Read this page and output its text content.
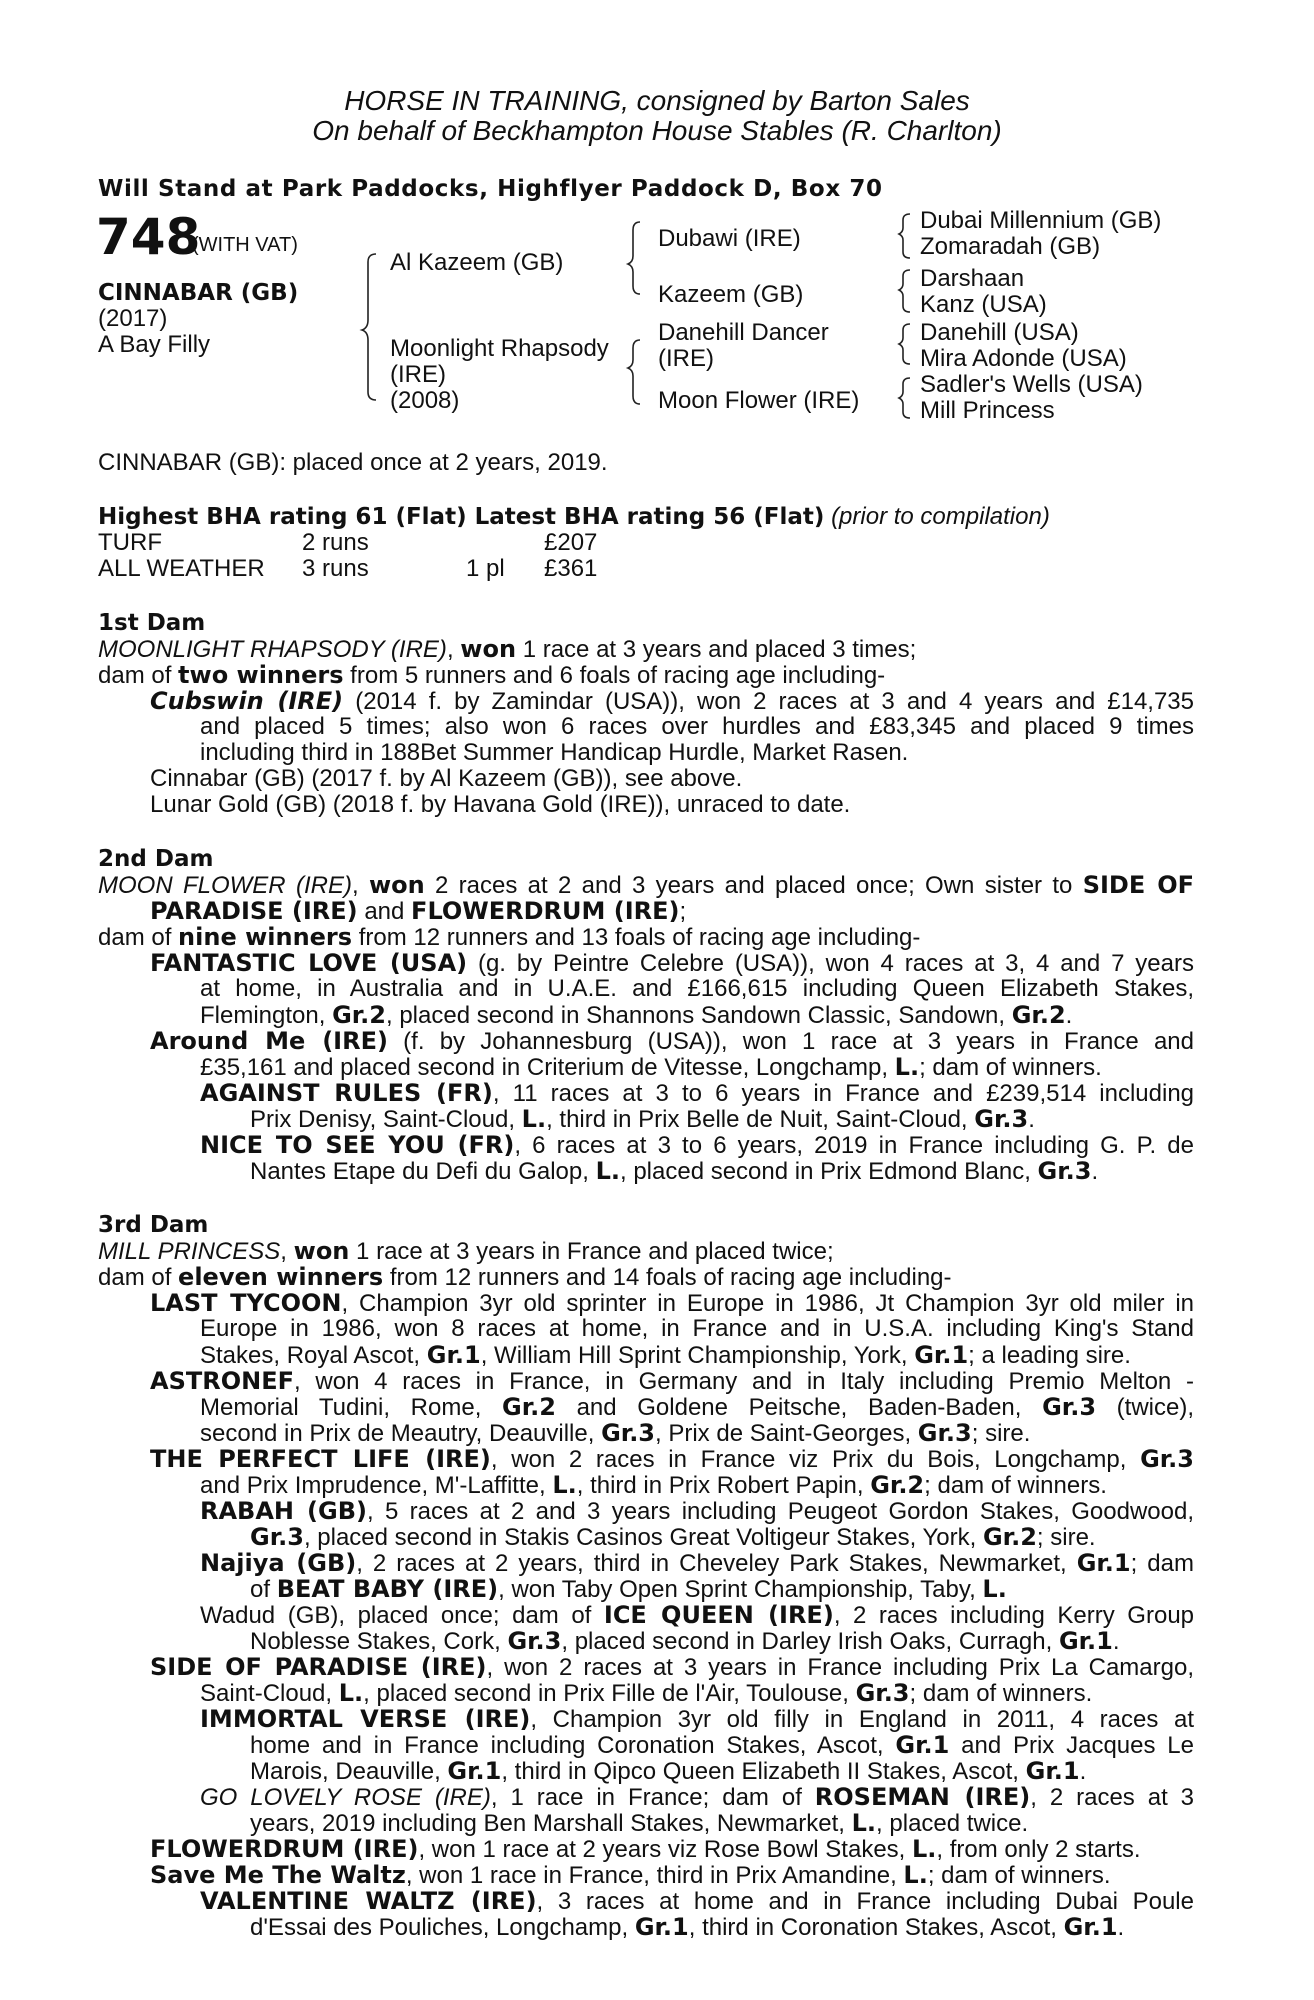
HORSE IN TRAINING, consigned by Barton Sales
On behalf of Beckhampton House Stables (R. Charlton)
Will Stand at Park Paddocks, Highflyer Paddock D, Box 70
748
(WITH VAT)
CINNABAR (GB)
(2017)
A Bay Filly
Al Kazeem (GB)
Moonlight Rhapsody
(IRE)
(2008)
Dubawi (IRE)
Kazeem (GB)
Danehill Dancer
(IRE)
Moon Flower (IRE)
Dubai Millennium (GB)
Zomaradah (GB)
Darshaan
Kanz (USA)
Danehill (USA)
Mira Adonde (USA)
Sadler's Wells (USA)
Mill Princess
CINNABAR (GB): placed once at 2 years, 2019.
Highest BHA rating 61 (Flat) Latest BHA rating 56 (Flat) (prior to compilation)
TURF	2 runs	£207
ALL WEATHER 3 runs	1 pl £361
1st Dam
MOONLIGHT RHAPSODY (IRE), won 1 race at 3 years and placed 3 times;
dam of two winners from 5 runners and 6 foals of racing age including-
Cubswin (IRE) (2014 f. by Zamindar (USA)), won 2 races at 3 and 4 years and £14,735
and placed 5 times; also won 6 races over hurdles and £83,345 and placed 9 times
including third in 188Bet Summer Handicap Hurdle, Market Rasen.
Cinnabar (GB) (2017 f. by Al Kazeem (GB)), see above.
Lunar Gold (GB) (2018 f. by Havana Gold (IRE)), unraced to date.
2nd Dam
MOON FLOWER (IRE), won 2 races at 2 and 3 years and placed once; Own sister to SIDE OF
PARADISE (IRE) and FLOWERDRUM (IRE);
dam of nine winners from 12 runners and 13 foals of racing age including-
FANTASTIC LOVE (USA) (g. by Peintre Celebre (USA)), won 4 races at 3, 4 and 7 years
at home, in Australia and in U.A.E. and £166,615 including Queen Elizabeth Stakes,
Flemington, Gr.2, placed second in Shannons Sandown Classic, Sandown, Gr.2.
Around Me (IRE) (f. by Johannesburg (USA)), won 1 race at 3 years in France and
£35,161 and placed second in Criterium de Vitesse, Longchamp, L.; dam of winners.
AGAINST RULES (FR), 11 races at 3 to 6 years in France and £239,514 including
Prix Denisy, Saint-Cloud, L., third in Prix Belle de Nuit, Saint-Cloud, Gr.3.
NICE TO SEE YOU (FR), 6 races at 3 to 6 years, 2019 in France including G. P. de
Nantes Etape du Defi du Galop, L., placed second in Prix Edmond Blanc, Gr.3.
3rd Dam
MILL PRINCESS, won 1 race at 3 years in France and placed twice;
dam of eleven winners from 12 runners and 14 foals of racing age including-
LAST TYCOON, Champion 3yr old sprinter in Europe in 1986, Jt Champion 3yr old miler in
Europe in 1986, won 8 races at home, in France and in U.S.A. including King's Stand
Stakes, Royal Ascot, Gr.1, William Hill Sprint Championship, York, Gr.1; a leading sire.
ASTRONEF, won 4 races in France, in Germany and in Italy including Premio Melton -
Memorial Tudini, Rome, Gr.2 and Goldene Peitsche, Baden-Baden, Gr.3 (twice),
second in Prix de Meautry, Deauville, Gr.3, Prix de Saint-Georges, Gr.3; sire.
THE PERFECT LIFE (IRE), won 2 races in France viz Prix du Bois, Longchamp, Gr.3
and Prix Imprudence, M'-Laffitte, L., third in Prix Robert Papin, Gr.2; dam of winners.
RABAH (GB), 5 races at 2 and 3 years including Peugeot Gordon Stakes, Goodwood,
Gr.3, placed second in Stakis Casinos Great Voltigeur Stakes, York, Gr.2; sire.
Najiya (GB), 2 races at 2 years, third in Cheveley Park Stakes, Newmarket, Gr.1; dam
of BEAT BABY (IRE), won Taby Open Sprint Championship, Taby, L.
Wadud (GB), placed once; dam of ICE QUEEN (IRE), 2 races including Kerry Group
Noblesse Stakes, Cork, Gr.3, placed second in Darley Irish Oaks, Curragh, Gr.1.
SIDE OF PARADISE (IRE), won 2 races at 3 years in France including Prix La Camargo,
Saint-Cloud, L., placed second in Prix Fille de l'Air, Toulouse, Gr.3; dam of winners.
IMMORTAL VERSE (IRE), Champion 3yr old filly in England in 2011, 4 races at
home and in France including Coronation Stakes, Ascot, Gr.1 and Prix Jacques Le
Marois, Deauville, Gr.1, third in Qipco Queen Elizabeth II Stakes, Ascot, Gr.1.
GO LOVELY ROSE (IRE), 1 race in France; dam of ROSEMAN (IRE), 2 races at 3
years, 2019 including Ben Marshall Stakes, Newmarket, L., placed twice.
FLOWERDRUM (IRE), won 1 race at 2 years viz Rose Bowl Stakes, L., from only 2 starts.
Save Me The Waltz, won 1 race in France, third in Prix Amandine, L.; dam of winners.
VALENTINE WALTZ (IRE), 3 races at home and in France including Dubai Poule
d'Essai des Pouliches, Longchamp, Gr.1, third in Coronation Stakes, Ascot, Gr.1.
